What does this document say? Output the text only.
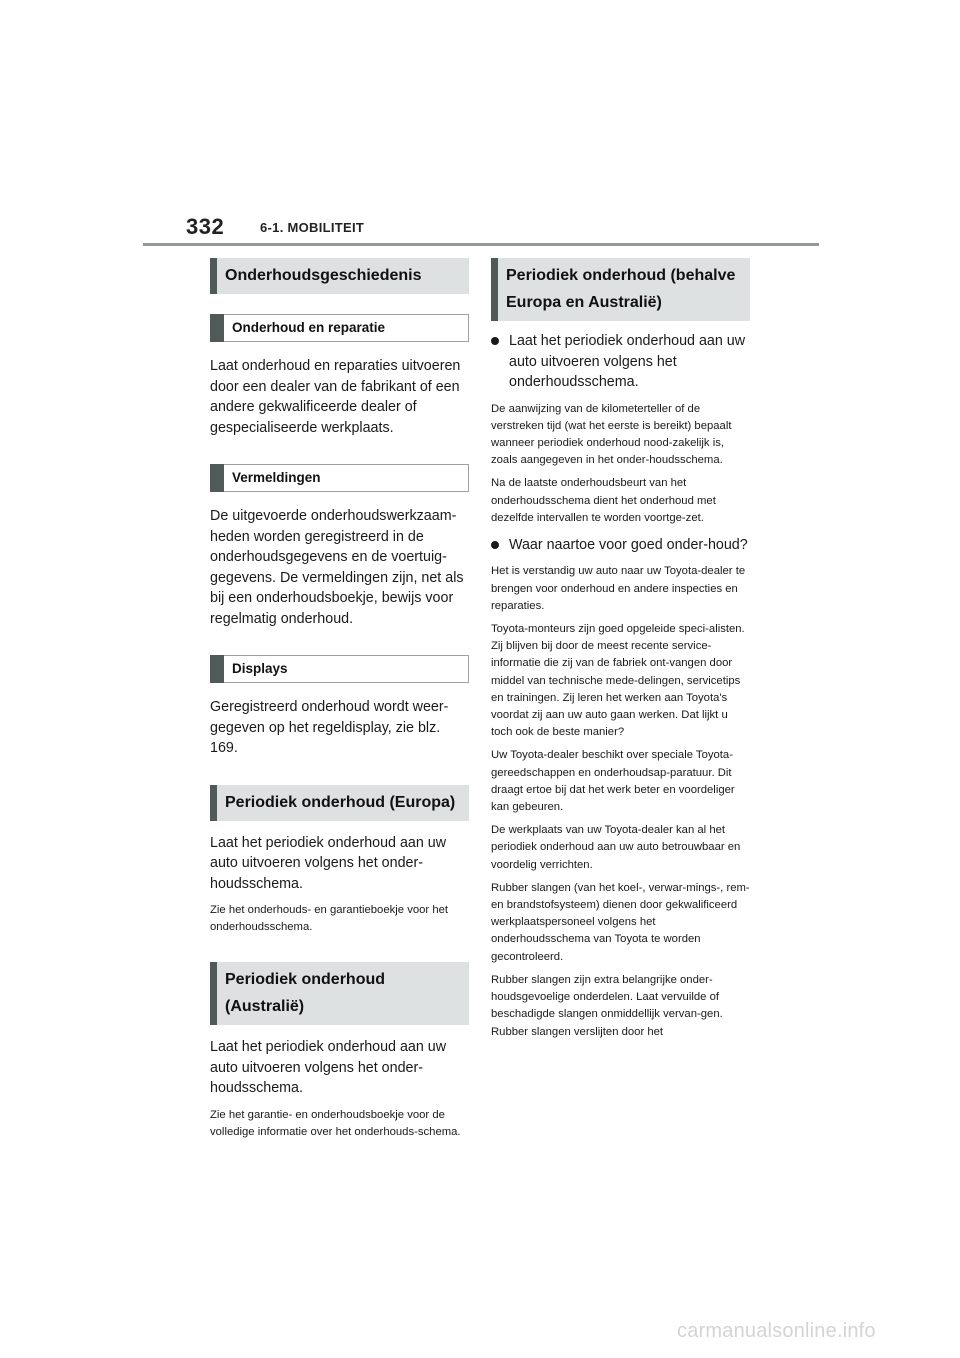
332	6-1. MOBILITEIT
Onderhoudsgeschiedenis
Onderhoud en reparatie

Laat onderhoud en reparaties uitvoeren door een dealer van de fabrikant of een andere gekwalificeerde dealer of gespecialiseerde werkplaats.

Vermeldingen

De uitgevoerde onderhoudswerkzaam-heden worden geregistreerd in de onderhoudsgegevens en de voertuig-gegevens. De vermeldingen zijn, net als bij een onderhoudsboekje, bewijs voor regelmatig onderhoud.

Displays

Geregistreerd onderhoud wordt weer-gegeven op het regeldisplay, zie blz. 169.

Periodiek onderhoud (Europa)

Laat het periodiek onderhoud aan uw auto uitvoeren volgens het onder-houdsschema.

Zie het onderhouds- en garantieboekje voor het onderhoudsschema.

Periodiek onderhoud (Australië)

Laat het periodiek onderhoud aan uw auto uitvoeren volgens het onder-houdsschema.

Zie het garantie- en onderhoudsboekje voor de volledige informatie over het onderhouds-schema.

Periodiek onderhoud (behalve Europa en Australië)
Laat het periodiek onderhoud aan uw auto uitvoeren volgens het onderhoudsschema.

De aanwijzing van de kilometerteller of de verstreken tijd (wat het eerste is bereikt) bepaalt wanneer periodiek onderhoud nood-zakelijk is, zoals aangegeven in het onder-houdsschema.

Na de laatste onderhoudsbeurt van het onderhoudsschema dient het onderhoud met dezelfde intervallen te worden voortge-zet.

Waar naartoe voor goed onder-houd?

Het is verstandig uw auto naar uw Toyota-dealer te brengen voor onderhoud en andere inspecties en reparaties.

Toyota-monteurs zijn goed opgeleide speci-alisten. Zij blijven bij door de meest recente service-informatie die zij van de fabriek ont-vangen door middel van technische mede-delingen, servicetips en trainingen. Zij leren het werken aan Toyota's voordat zij aan uw auto gaan werken. Dat lijkt u toch ook de beste manier?

Uw Toyota-dealer beschikt over speciale Toyota-gereedschappen en onderhoudsap-paratuur. Dit draagt ertoe bij dat het werk beter en voordeliger kan gebeuren.

De werkplaats van uw Toyota-dealer kan al het periodiek onderhoud aan uw auto betrouwbaar en voordelig verrichten.

Rubber slangen (van het koel-, verwar-mings-, rem- en brandstofsysteem) dienen door gekwalificeerd werkplaatspersoneel volgens het onderhoudsschema van Toyota te worden gecontroleerd.

Rubber slangen zijn extra belangrijke onder-houdsgevoelige onderdelen. Laat vervuilde of beschadigde slangen onmiddellijk vervan-gen. Rubber slangen verslijten door het

carmanualsonline.info
